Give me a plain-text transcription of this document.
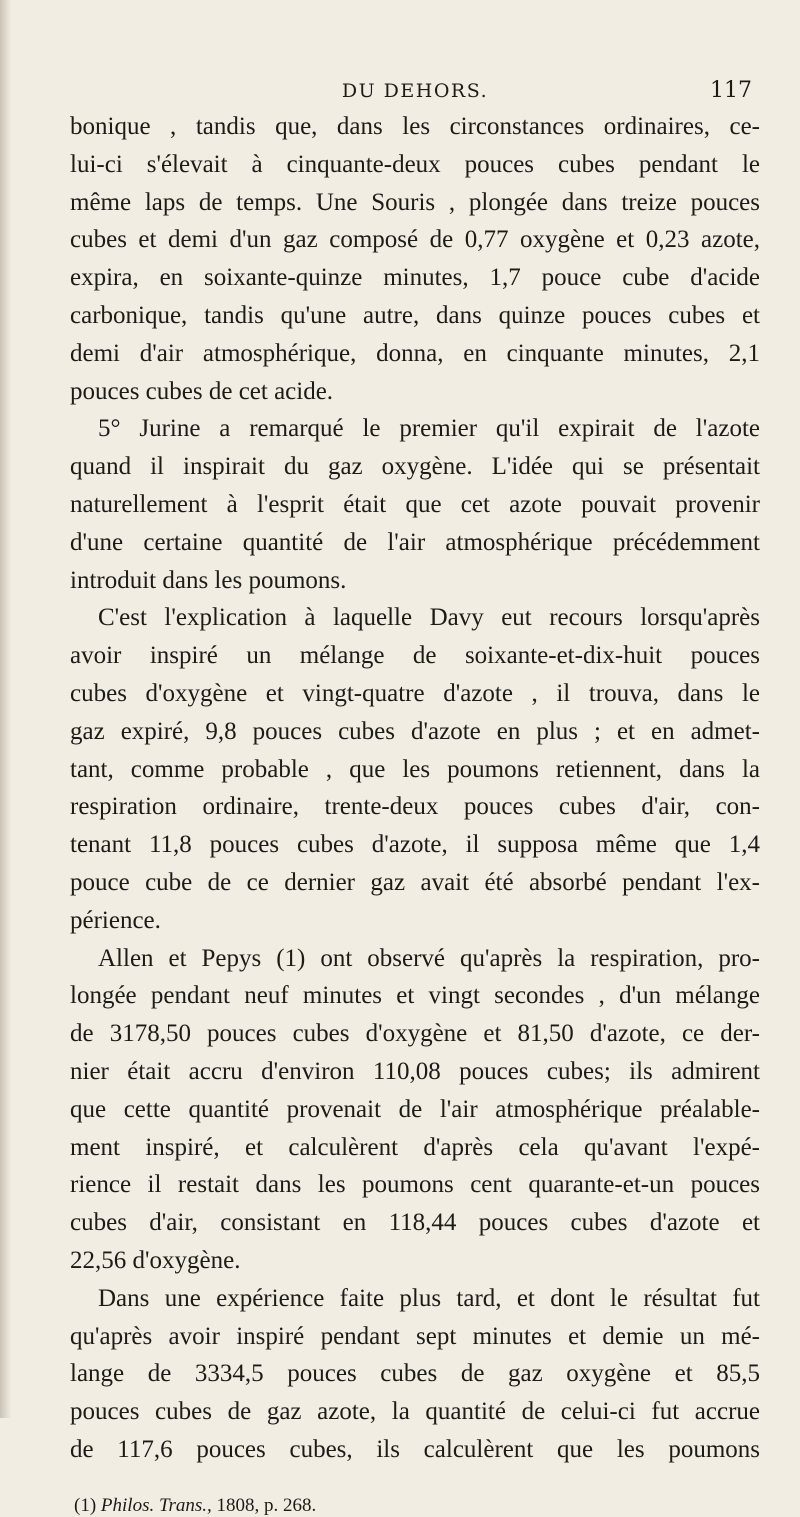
DU DEHORS.	117

bonique , tandis que, dans les circonstances ordinaires, ce-
lui-ci s'élevait à cinquante-deux pouces cubes pendant le
même laps de temps. Une Souris , plongée dans treize pouces
cubes et demi d'un gaz composé de 0,77 oxygène et 0,23 azote,
expira, en soixante-quinze minutes, 1,7 pouce cube d'acide
carbonique, tandis qu'une autre, dans quinze pouces cubes et
demi d'air atmosphérique, donna, en cinquante minutes, 2,1
pouces cubes de cet acide.

5° Jurine a remarqué le premier qu'il expirait de l'azote
quand il inspirait du gaz oxygène. L'idée qui se présentait
naturellement à l'esprit était que cet azote pouvait provenir
d'une certaine quantité de l'air atmosphérique précédemment
introduit dans les poumons.

C'est l'explication à laquelle Davy eut recours lorsqu'après
avoir inspiré un mélange de soixante-et-dix-huit pouces
cubes d'oxygène et vingt-quatre d'azote , il trouva, dans le
gaz expiré, 9,8 pouces cubes d'azote en plus ; et en admet-
tant, comme probable , que les poumons retiennent, dans la
respiration ordinaire, trente-deux pouces cubes d'air, con-
tenant 11,8 pouces cubes d'azote, il supposa même que 1,4
pouce cube de ce dernier gaz avait été absorbé pendant l'ex-
périence.

Allen et Pepys (1) ont observé qu'après la respiration, pro-
longée pendant neuf minutes et vingt secondes , d'un mélange
de 3178,50 pouces cubes d'oxygène et 81,50 d'azote, ce der-
nier était accru d'environ 110,08 pouces cubes; ils admirent
que cette quantité provenait de l'air atmosphérique préalable-
ment inspiré, et calculèrent d'après cela qu'avant l'expé-
rience il restait dans les poumons cent quarante-et-un pouces
cubes d'air, consistant en 118,44 pouces cubes d'azote et
22,56 d'oxygène.

Dans une expérience faite plus tard, et dont le résultat fut
qu'après avoir inspiré pendant sept minutes et demie un mé-
lange de 3334,5 pouces cubes de gaz oxygène et 85,5
pouces cubes de gaz azote, la quantité de celui-ci fut accrue
de 117,6 pouces cubes, ils calculèrent que les poumons

(1) Philos. Trans., 1808, p. 268.
